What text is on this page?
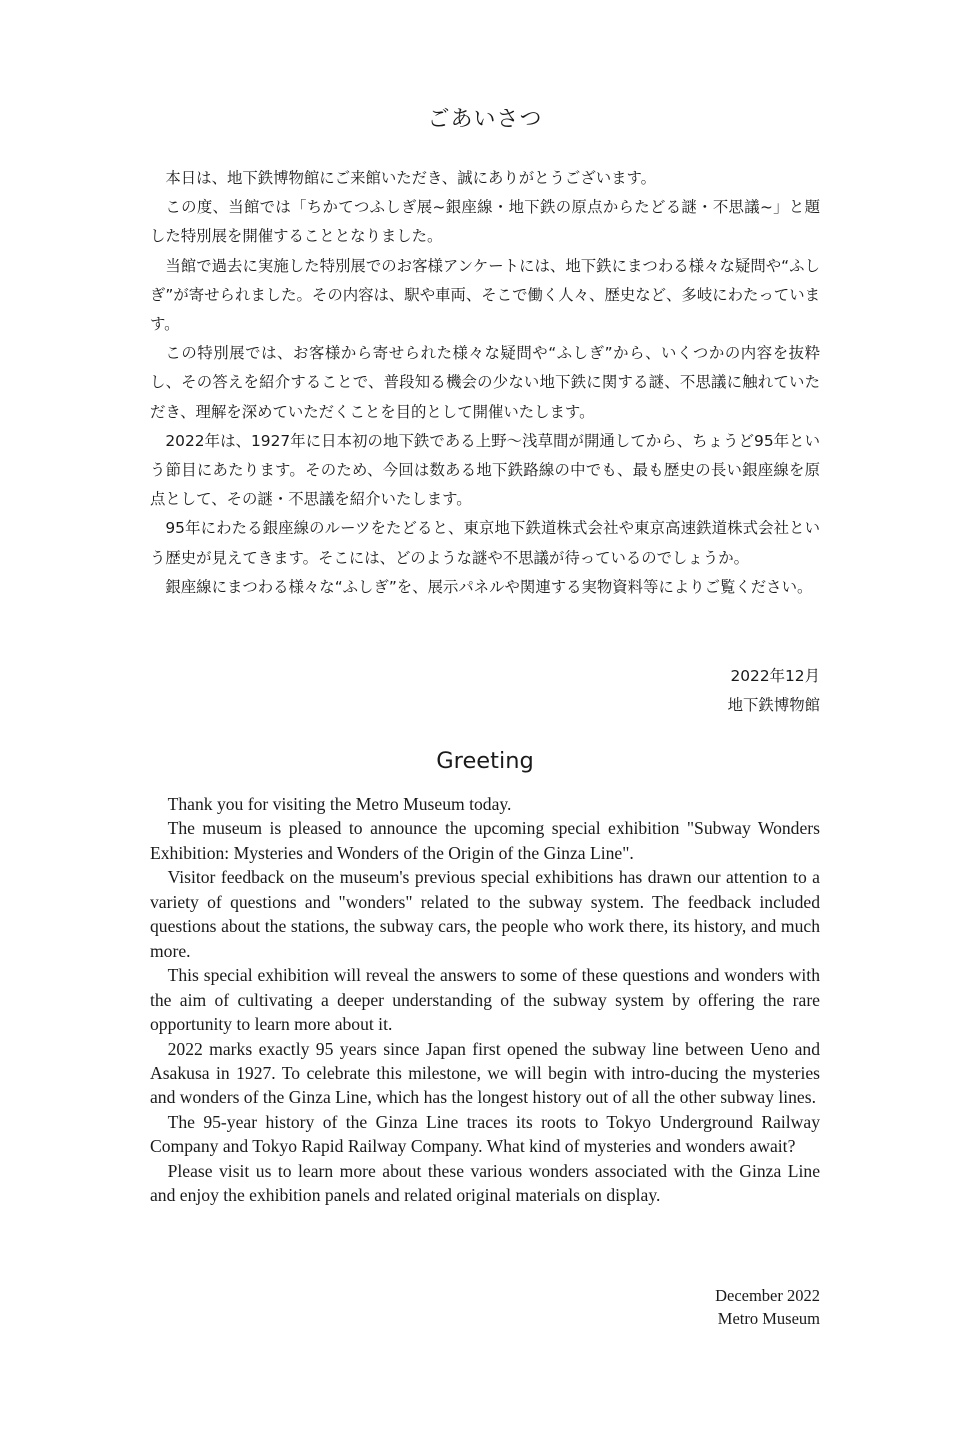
ごあいさつ

本日は、地下鉄博物館にご来館いただき、誠にありがとうございます。

この度、当館では「ちかてつふしぎ展~銀座線・地下鉄の原点からたどる謎・不思議~」と題した特別展を開催することとなりました。

当館で過去に実施した特別展でのお客様アンケートには、地下鉄にまつわる様々な疑問や“ふしぎ”が寄せられました。その内容は、駅や車両、そこで働く人々、歴史など、多岐にわたっています。

この特別展では、お客様から寄せられた様々な疑問や“ふしぎ”から、いくつかの内容を抜粋し、その答えを紹介することで、普段知る機会の少ない地下鉄に関する謎、不思議に触れていただき、理解を深めていただくことを目的として開催いたします。

2022年は、1927年に日本初の地下鉄である上野～浅草間が開通してから、ちょうど95年という節目にあたります。そのため、今回は数ある地下鉄路線の中でも、最も歴史の長い銀座線を原点として、その謎・不思議を紹介いたします。

95年にわたる銀座線のルーツをたどると、東京地下鉄道株式会社や東京高速鉄道株式会社という歴史が見えてきます。そこには、どのような謎や不思議が待っているのでしょうか。

銀座線にまつわる様々な“ふしぎ”を、展示パネルや関連する実物資料等によりご覧ください。

2022年12月
地下鉄博物館
Greeting

Thank you for visiting the Metro Museum today.

The museum is pleased to announce the upcoming special exhibition "Subway Wonders Exhibition: Mysteries and Wonders of the Origin of the Ginza Line".

Visitor feedback on the museum's previous special exhibitions has drawn our attention to a variety of questions and "wonders" related to the subway system. The feedback included questions about the stations, the subway cars, the people who work there, its history, and much more.

This special exhibition will reveal the answers to some of these questions and wonders with the aim of cultivating a deeper understanding of the subway system by offering the rare opportunity to learn more about it.

2022 marks exactly 95 years since Japan first opened the subway line between Ueno and Asakusa in 1927. To celebrate this milestone, we will begin with intro-ducing the mysteries and wonders of the Ginza Line, which has the longest history out of all the other subway lines.

The 95-year history of the Ginza Line traces its roots to Tokyo Underground Railway Company and Tokyo Rapid Railway Company. What kind of mysteries and wonders await?

Please visit us to learn more about these various wonders associated with the Ginza Line and enjoy the exhibition panels and related original materials on display.

December 2022
Metro Museum
